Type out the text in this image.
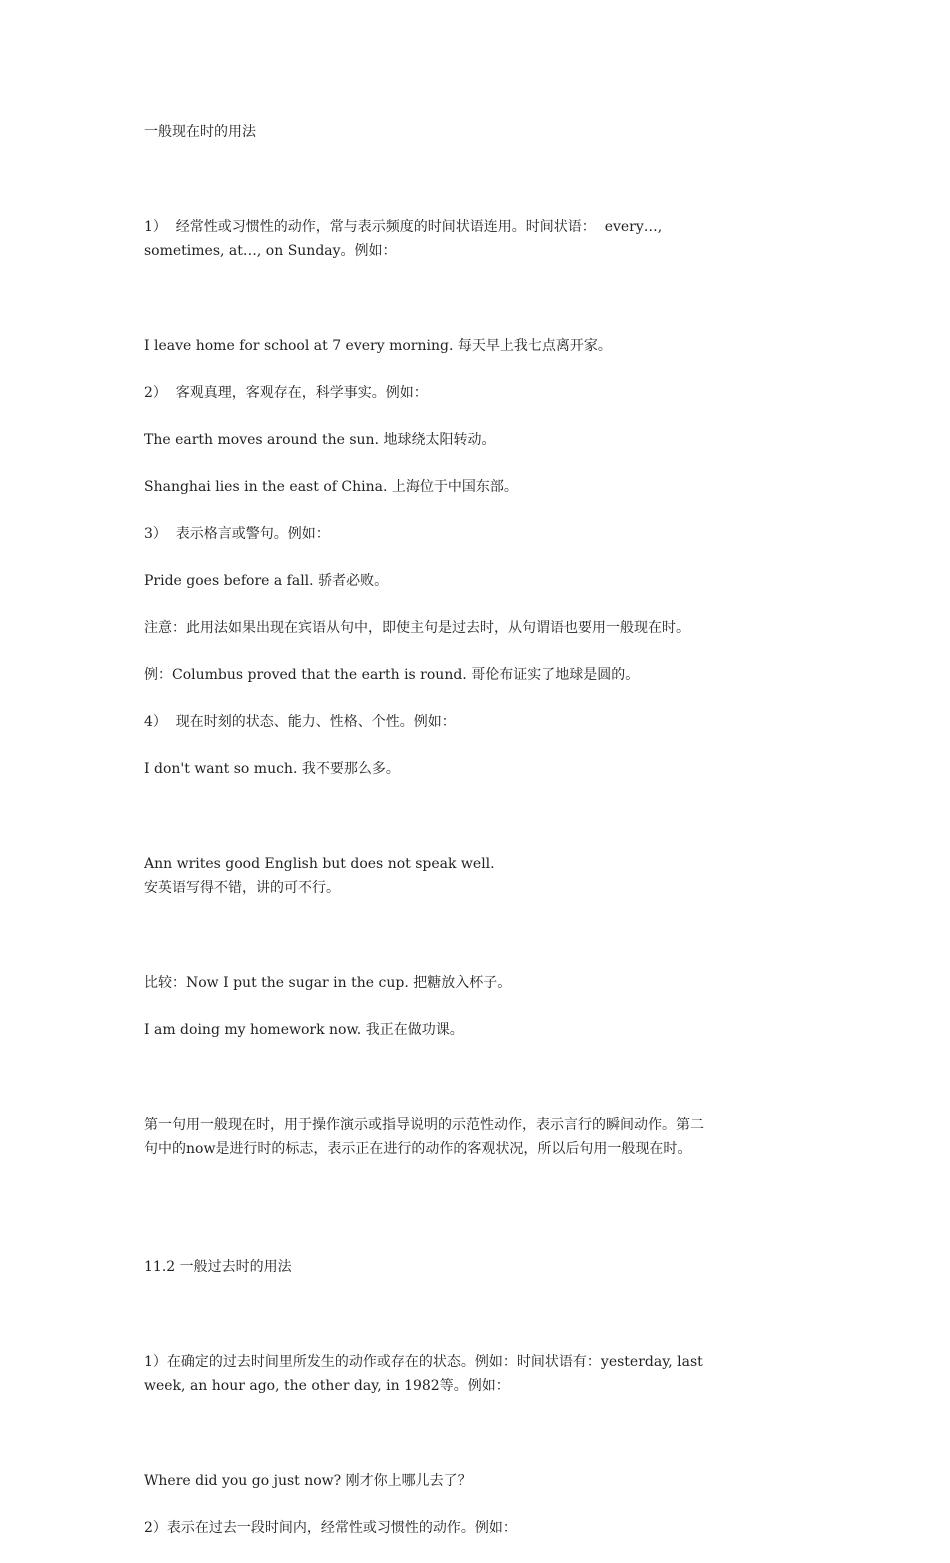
一般现在时的用法

1）  经常性或习惯性的动作，常与表示频度的时间状语连用。时间状语：  every…,
sometimes, at…, on Sunday。例如：

I leave home for school at 7 every morning. 每天早上我七点离开家。

2）  客观真理，客观存在，科学事实。例如：

The earth moves around the sun. 地球绕太阳转动。

Shanghai lies in the east of China. 上海位于中国东部。

3）  表示格言或警句。例如：

Pride goes before a fall. 骄者必败。

注意：此用法如果出现在宾语从句中，即使主句是过去时，从句谓语也要用一般现在时。

例：Columbus proved that the earth is round. 哥伦布证实了地球是圆的。

4）  现在时刻的状态、能力、性格、个性。例如：

I don't want so much. 我不要那么多。

Ann writes good English but does not speak well.
安英语写得不错，讲的可不行。

比较：Now I put the sugar in the cup. 把糖放入杯子。

I am doing my homework now. 我正在做功课。

第一句用一般现在时，用于操作演示或指导说明的示范性动作，表示言行的瞬间动作。第二
句中的now是进行时的标志，表示正在进行的动作的客观状况，所以后句用一般现在时。

11.2 一般过去时的用法

1）在确定的过去时间里所发生的动作或存在的状态。例如：时间状语有：yesterday, last
week, an hour ago, the other day, in 1982等。例如：

Where did you go just now? 刚才你上哪儿去了？

2）表示在过去一段时间内，经常性或习惯性的动作。例如：
